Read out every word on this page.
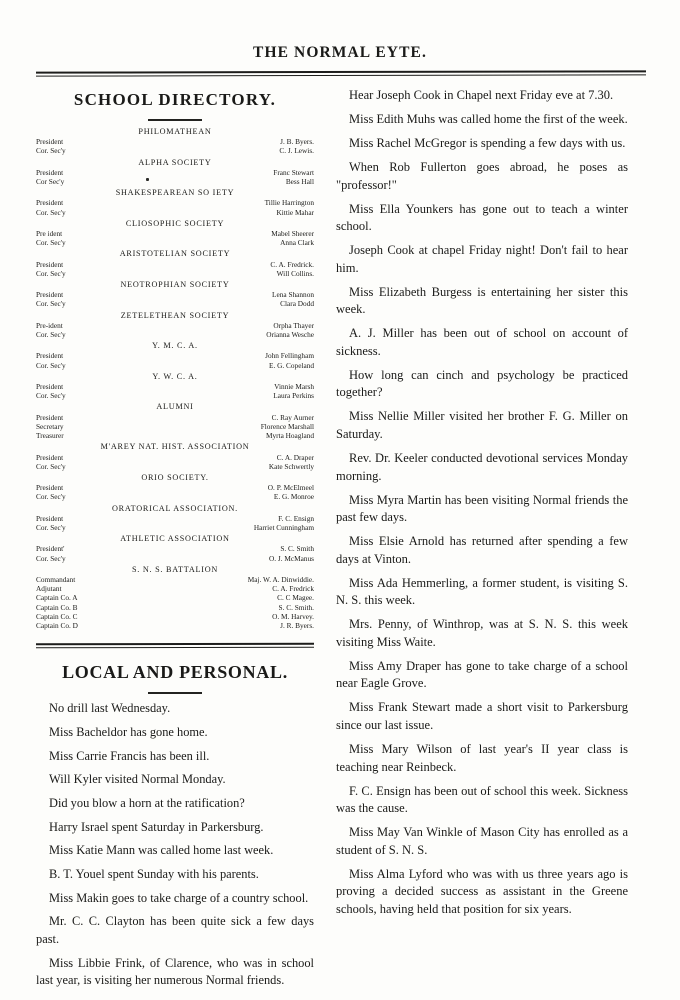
THE NORMAL EYTE.
SCHOOL DIRECTORY.
PHILOMATHEAN
President	J. B. Byers.
Cor. Sec'y	C. J. Lewis.
ALPHA SOCIETY
President	Franc Stewart
Cor Sec'y	Bess Hall
SHAKESPEAREAN SO IETY
President	Tillie Harrington
Cor. Sec'y	Kittie Mahar
CLIOSOPHIC SOCIETY
Pre ident	Mabel Sheerer
Cor. Sec'y	Anna Clark
ARISTOTELIAN SOCIETY
President	C. A. Fredrick.
Cor. Sec'y	Will Collins.
NEOTROPHIAN SOCIETY
President	Lena Shannon
Cor. Sec'y	Clara Dodd
ZETELETHEAN SOCIETY
Pre-ident	Orpha Thayer
Cor. Sec'y	Orianna Wesche
Y. M. C. A.
President	John Fellingham
Cor. Sec'y	E. G. Copeland
Y. W. C. A.
President	Vinnie Marsh
Cor. Sec'y	Laura Perkins
ALUMNI
President	C. Ray Aurner
Secretary	Florence Marshall
Treasurer	Myrta Hoagland
M'AREY NAT. HIST. ASSOCIATION
President	C. A. Draper
Cor. Sec'y	Kate Schwertly
ORIO SOCIETY.
President	O. P. McElmeel
Cor. Sec'y	E. G. Monroe
ORATORICAL ASSOCIATION.
President	F. C. Ensign
Cor. Sec'y	Harriet Cunningham
ATHLETIC ASSOCIATION
President'	S. C. Smith
Cor. Sec'y	O. J. McManus
S. N. S. BATTALION
Commandant	Maj. W. A. Dinwiddie.
Adjutant	C. A. Fredrick
Captain Co. A	C. C Magee.
Captain Co. B	S. C. Smith.
Captain Co. C	O. M. Harvey.
Captain Co. D	J. R. Byers.
LOCAL AND PERSONAL.

No drill last Wednesday.

Miss Bacheldor has gone home.

Miss Carrie Francis has been ill.

Will Kyler visited Normal Monday.

Did you blow a horn at the ratification?

Harry Israel spent Saturday in Parkersburg.

Miss Katie Mann was called home last week.

B. T. Youel spent Sunday with his parents.

Miss Makin goes to take charge of a country school.

Mr. C. C. Clayton has been quite sick a few days past.

Miss Libbie Frink, of Clarence, who was in school last year, is visiting her numerous Normal friends.

Hear Joseph Cook in Chapel next Friday eve at 7.30.

Miss Edith Muhs was called home the first of the week.

Miss Rachel McGregor is spending a few days with us.

When Rob Fullerton goes abroad, he poses as "professor!"

Miss Ella Younkers has gone out to teach a winter school.

Joseph Cook at chapel Friday night! Don't fail to hear him.

Miss Elizabeth Burgess is entertaining her sister this week.

A. J. Miller has been out of school on account of sickness.

How long can cinch and psychology be practiced together?

Miss Nellie Miller visited her brother F. G. Miller on Saturday.

Rev. Dr. Keeler conducted devotional services Monday morning.

Miss Myra Martin has been visiting Normal friends the past few days.

Miss Elsie Arnold has returned after spending a few days at Vinton.

Miss Ada Hemmerling, a former student, is visiting S. N. S. this week.

Mrs. Penny, of Winthrop, was at S. N. S. this week visiting Miss Waite.

Miss Amy Draper has gone to take charge of a school near Eagle Grove.

Miss Frank Stewart made a short visit to Parkersburg since our last issue.

Miss Mary Wilson of last year's II year class is teaching near Reinbeck.

F. C. Ensign has been out of school this week. Sickness was the cause.

Miss May Van Winkle of Mason City has enrolled as a student of S. N. S.

Miss Alma Lyford who was with us three years ago is proving a decided success as assistant in the Greene schools, having held that position for six years.
